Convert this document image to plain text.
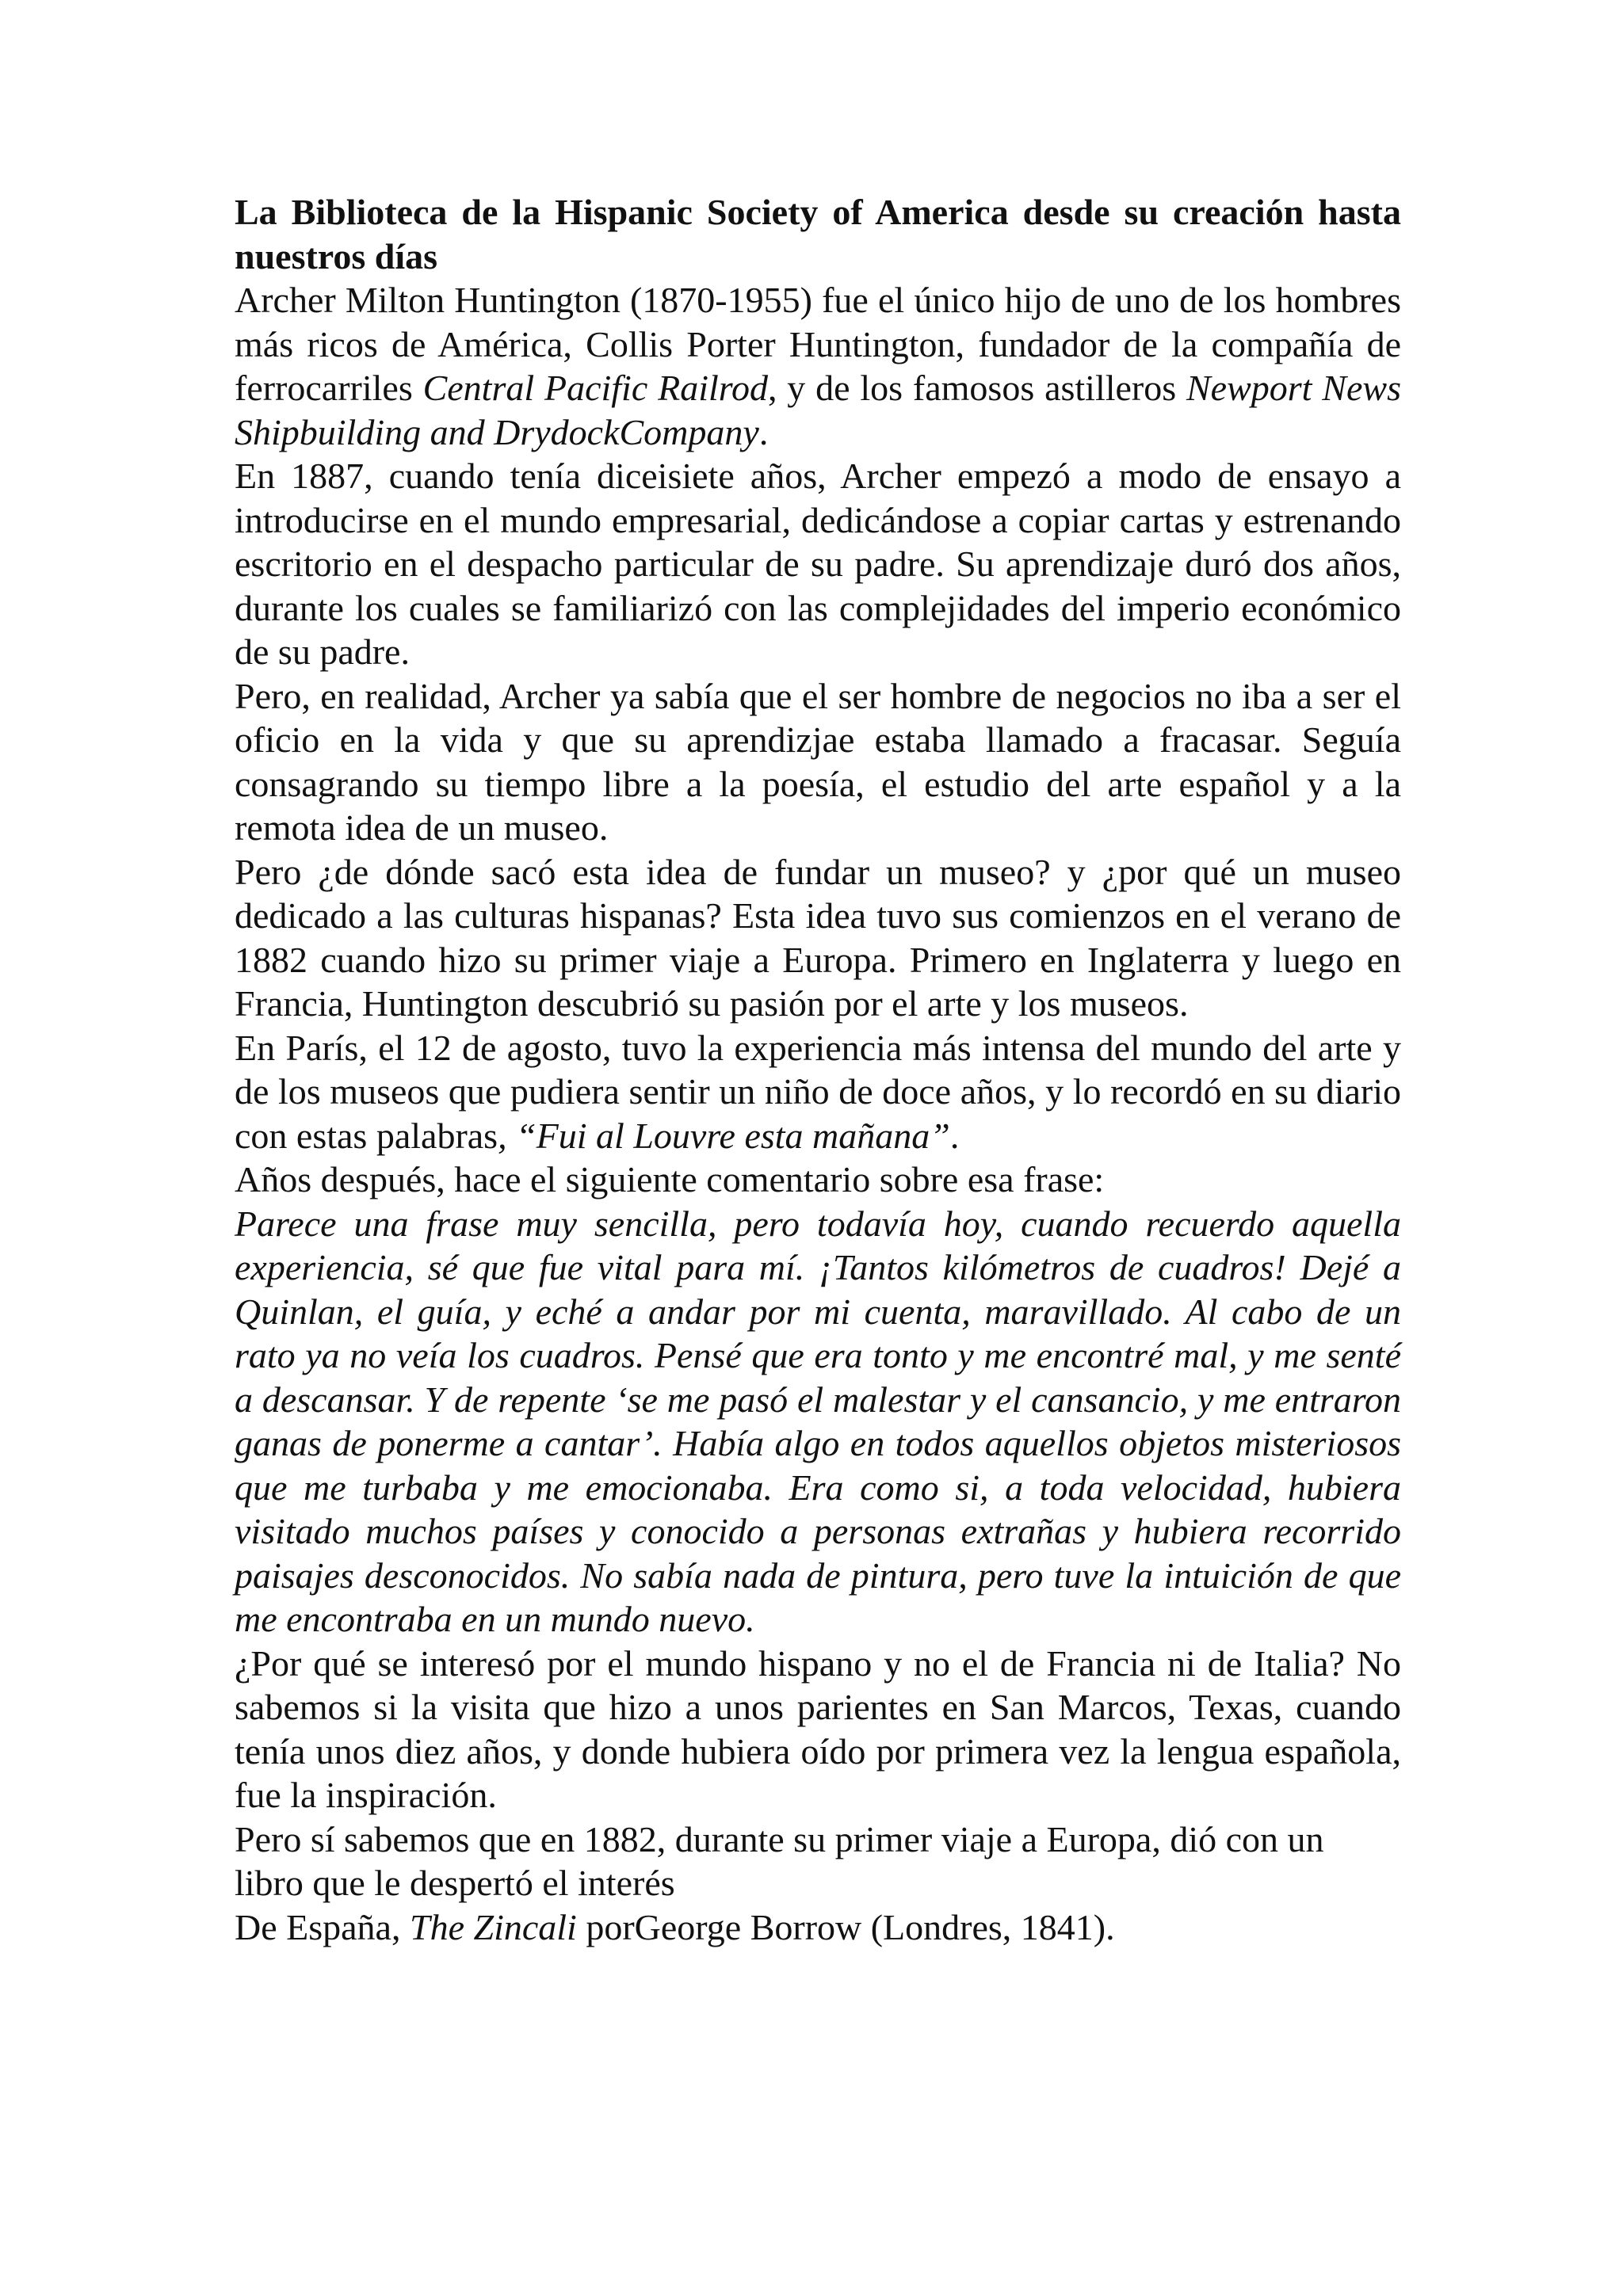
La Biblioteca de la Hispanic Society of America desde su creación hasta nuestros días

Archer Milton Huntington (1870-1955) fue el único hijo de uno de los hombres más ricos de América, Collis Porter Huntington, fundador de la compañía de ferrocarriles Central Pacific Railrod, y de los famosos astilleros Newport News Shipbuilding and DrydockCompany.

En 1887, cuando tenía diceisiete años, Archer empezó a modo de ensayo a introducirse en el mundo empresarial, dedicándose a copiar cartas y estrenando escritorio en el despacho particular de su padre. Su aprendizaje duró dos años, durante los cuales se familiarizó con las complejidades del imperio económico de su padre.

Pero, en realidad, Archer ya sabía que el ser hombre de negocios no iba a ser el oficio en la vida y que su aprendizjae estaba llamado a fracasar. Seguía consagrando su tiempo libre a la poesía, el estudio del arte español y a la remota idea de un museo.

Pero ¿de dónde sacó esta idea de fundar un museo? y ¿por qué un museo dedicado a las culturas hispanas? Esta idea tuvo sus comienzos en el verano de 1882 cuando hizo su primer viaje a Europa. Primero en Inglaterra y luego en Francia, Huntington descubrió su pasión por el arte y los museos.

En París, el 12 de agosto, tuvo la experiencia más intensa del mundo del arte y de los museos que pudiera sentir un niño de doce años, y lo recordó en su diario con estas palabras, “Fui al Louvre esta mañana”.

Años después, hace el siguiente comentario sobre esa frase:

Parece una frase muy sencilla, pero todavía hoy, cuando recuerdo aquella experiencia, sé que fue vital para mí. ¡Tantos kilómetros de cuadros! Dejé a Quinlan, el guía, y eché a andar por mi cuenta, maravillado. Al cabo de un rato ya no veía los cuadros. Pensé que era tonto y me encontré mal, y me senté a descansar. Y de repente ‘se me pasó el malestar y el cansancio, y me entraron ganas de ponerme a cantar’. Había algo en todos aquellos objetos misteriosos que me turbaba y me emocionaba. Era como si, a toda velocidad, hubiera visitado muchos países y conocido a personas extrañas y hubiera recorrido paisajes desconocidos. No sabía nada de pintura, pero tuve la intuición de que me encontraba en un mundo nuevo.

¿Por qué se interesó por el mundo hispano y no el de Francia ni de Italia? No sabemos si la visita que hizo a unos parientes en San Marcos, Texas, cuando tenía unos diez años, y donde hubiera oído por primera vez la lengua española, fue la inspiración.

Pero sí sabemos que en 1882, durante su primer viaje a Europa, dió con un libro que le despertó el interés

De España, The Zincali porGeorge Borrow (Londres, 1841).
